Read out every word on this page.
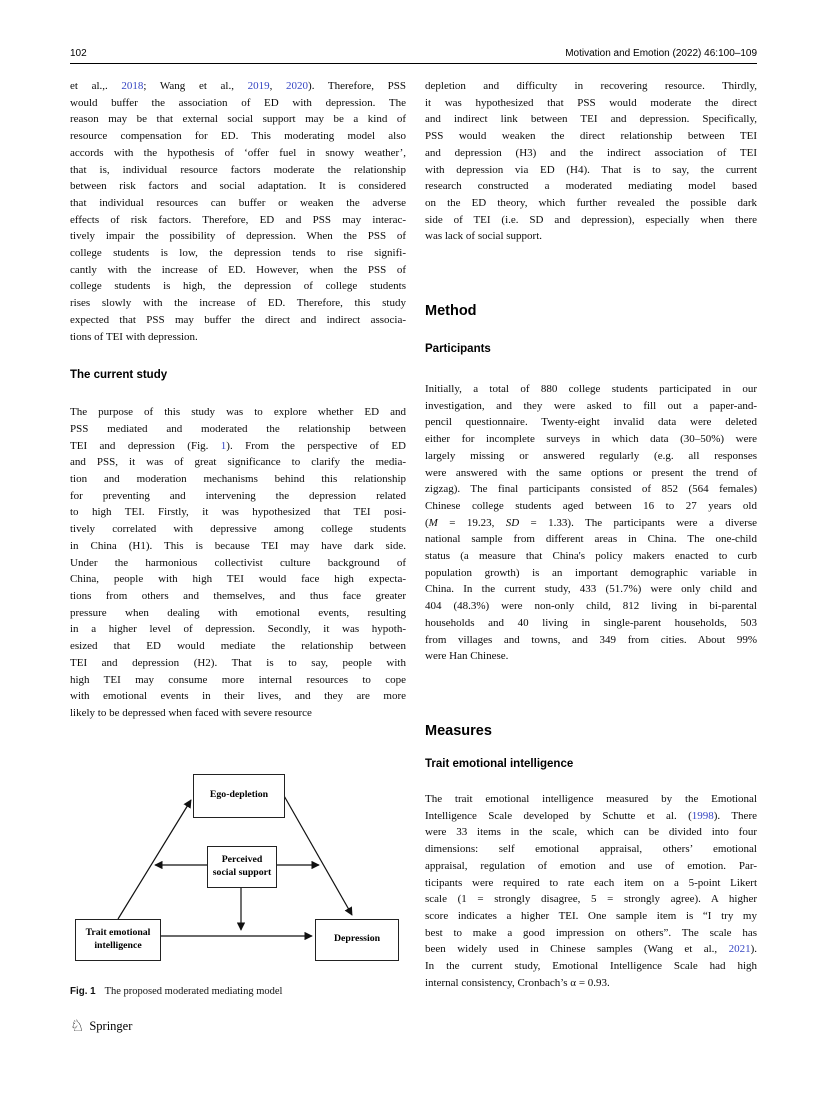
102	Motivation and Emotion (2022) 46:100–109
et al.,. 2018; Wang et al., 2019, 2020). Therefore, PSS
would buffer the association of ED with depression. The
reason may be that external social support may be a kind of
resource compensation for ED. This moderating model also
accords with the hypothesis of ‘offer fuel in snowy weather’,
that is, individual resource factors moderate the relationship
between risk factors and social adaptation. It is considered
that individual resources can buffer or weaken the adverse
effects of risk factors. Therefore, ED and PSS may interac-
tively impair the possibility of depression. When the PSS of
college students is low, the depression tends to rise signifi-
cantly with the increase of ED. However, when the PSS of
college students is high, the depression of college students
rises slowly with the increase of ED. Therefore, this study
expected that PSS may buffer the direct and indirect associa-
tions of TEI with depression.
The current study
The purpose of this study was to explore whether ED and
PSS mediated and moderated the relationship between
TEI and depression (Fig. 1). From the perspective of ED
and PSS, it was of great significance to clarify the media-
tion and moderation mechanisms behind this relationship
for preventing and intervening the depression related
to high TEI. Firstly, it was hypothesized that TEI posi-
tively correlated with depressive among college students
in China (H1). This is because TEI may have dark side.
Under the harmonious collectivist culture background of
China, people with high TEI would face high expecta-
tions from others and themselves, and thus face greater
pressure when dealing with emotional events, resulting
in a higher level of depression. Secondly, it was hypoth-
esized that ED would mediate the relationship between
TEI and depression (H2). That is to say, people with
high TEI may consume more internal resources to cope
with emotional events in their lives, and they are more
likely to be depressed when faced with severe resource
Ego-depletion
Perceived
social support
Trait emotional
intelligence
Depression
Fig. 1 The proposed moderated mediating model
depletion and difficulty in recovering resource. Thirdly,
it was hypothesized that PSS would moderate the direct
and indirect link between TEI and depression. Specifically,
PSS would weaken the direct relationship between TEI
and depression (H3) and the indirect association of TEI
with depression via ED (H4). That is to say, the current
research constructed a moderated mediating model based
on the ED theory, which further revealed the possible dark
side of TEI (i.e. SD and depression), especially when there
was lack of social support.
Method
Participants
Initially, a total of 880 college students participated in our
investigation, and they were asked to fill out a paper-and-
pencil questionnaire. Twenty-eight invalid data were deleted
either for incomplete surveys in which data (30–50%) were
largely missing or answered regularly (e.g. all responses
were answered with the same options or present the trend of
zigzag). The final participants consisted of 852 (564 females)
Chinese college students aged between 16 to 27 years old
(M = 19.23, SD = 1.33). The participants were a diverse
national sample from different areas in China. The one-child
status (a measure that China's policy makers enacted to curb
population growth) is an important demographic variable in
China. In the current study, 433 (51.7%) were only child and
404 (48.3%) were non-only child, 812 living in bi-parental
households and 40 living in single-parent households, 503
from villages and towns, and 349 from cities. About 99%
were Han Chinese.
Measures
Trait emotional intelligence
The trait emotional intelligence measured by the Emotional
Intelligence Scale developed by Schutte et al. (1998). There
were 33 items in the scale, which can be divided into four
dimensions: self emotional appraisal, others’ emotional
appraisal, regulation of emotion and use of emotion. Par-
ticipants were required to rate each item on a 5-point Likert
scale (1 = strongly disagree, 5 = strongly agree). A higher
score indicates a higher TEI. One sample item is “I try my
best to make a good impression on others”. The scale has
been widely used in Chinese samples (Wang et al., 2021).
In the current study, Emotional Intelligence Scale had high
internal consistency, Cronbach’s α = 0.93.
♘ Springer
